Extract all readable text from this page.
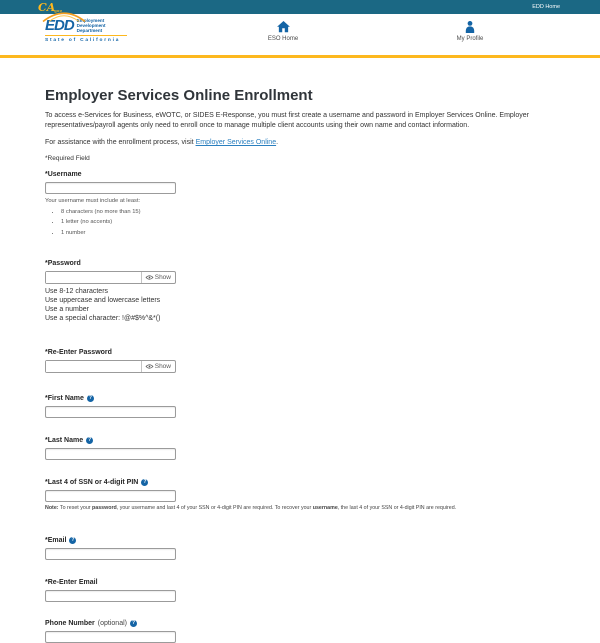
CA gov
EDD Home
EDD Employment
Development
Department
State of California	ESO Home	My Profile
Employer Services Online Enrollment

To access e-Services for Business, eWOTC, or SIDES E-Response, you must first create a username and password in Employer Services Online. Employer representatives/payroll agents only need to enroll once to manage multiple client accounts using their own name and contact information.

For assistance with the enrollment process, visit Employer Services Online.

*Required Field

*Username
Your username must include at least:
• 8 characters (no more than 15)
• 1 letter (no accents)
• 1 number
*Password
Show
Use 8-12 characters
Use uppercase and lowercase letters
Use a number
Use a special character: !@#$%^&*()
*Re-Enter Password
Show
*First Name ?
*Last Name ?
*Last 4 of SSN or 4-digit PIN ?

Note: To reset your password, your username and last 4 of your SSN or 4-digit PIN are required. To recover your username, the last 4 of your SSN or 4-digit PIN are required.

*Email ?
*Re-Enter Email
Phone Number (optional) ?
